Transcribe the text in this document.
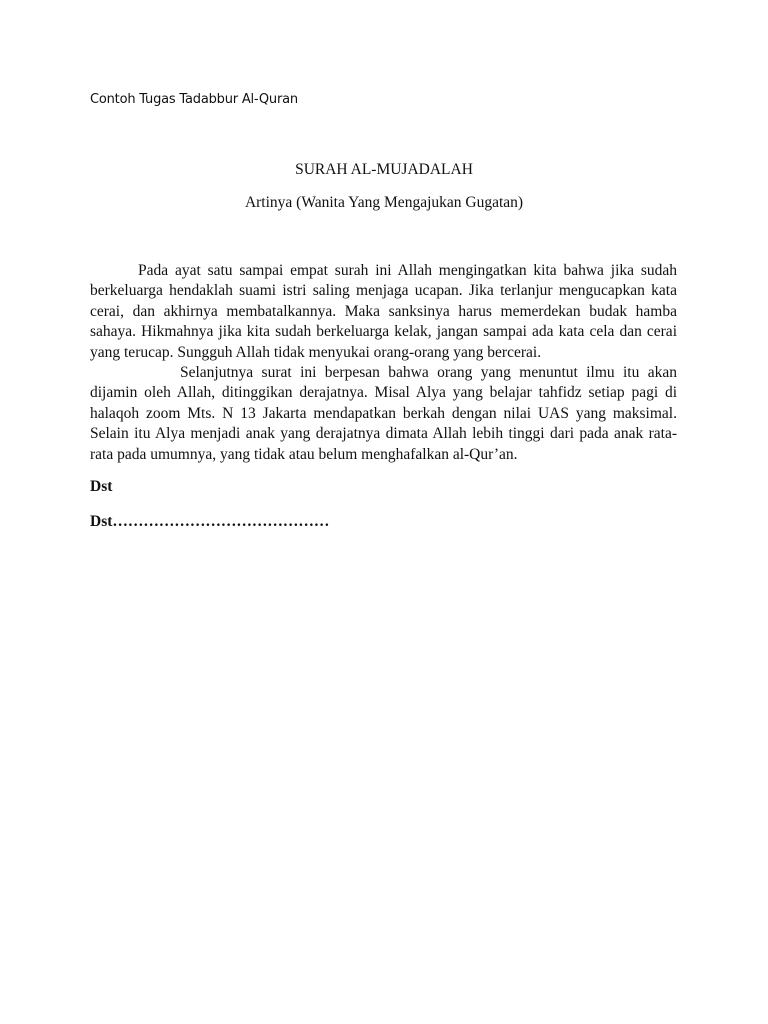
Contoh Tugas Tadabbur Al-Quran
SURAH AL-MUJADALAH
Artinya (Wanita Yang Mengajukan Gugatan)

Pada ayat satu sampai empat surah ini Allah mengingatkan kita bahwa jika sudah berkeluarga hendaklah suami istri saling menjaga ucapan. Jika terlanjur mengucapkan kata cerai, dan akhirnya membatalkannya. Maka sanksinya harus memerdekan budak hamba sahaya. Hikmahnya jika kita sudah berkeluarga kelak, jangan sampai ada kata cela dan cerai yang terucap. Sungguh Allah tidak menyukai orang-orang yang bercerai.

Selanjutnya surat ini berpesan bahwa orang yang menuntut ilmu itu akan dijamin oleh Allah, ditinggikan derajatnya. Misal Alya yang belajar tahfidz setiap pagi di halaqoh zoom Mts. N 13 Jakarta mendapatkan berkah dengan nilai UAS yang maksimal. Selain itu Alya menjadi anak yang derajatnya dimata Allah lebih tinggi dari pada anak rata-rata pada umumnya, yang tidak atau belum menghafalkan al-Qur’an.

Dst
Dst……………………………………
